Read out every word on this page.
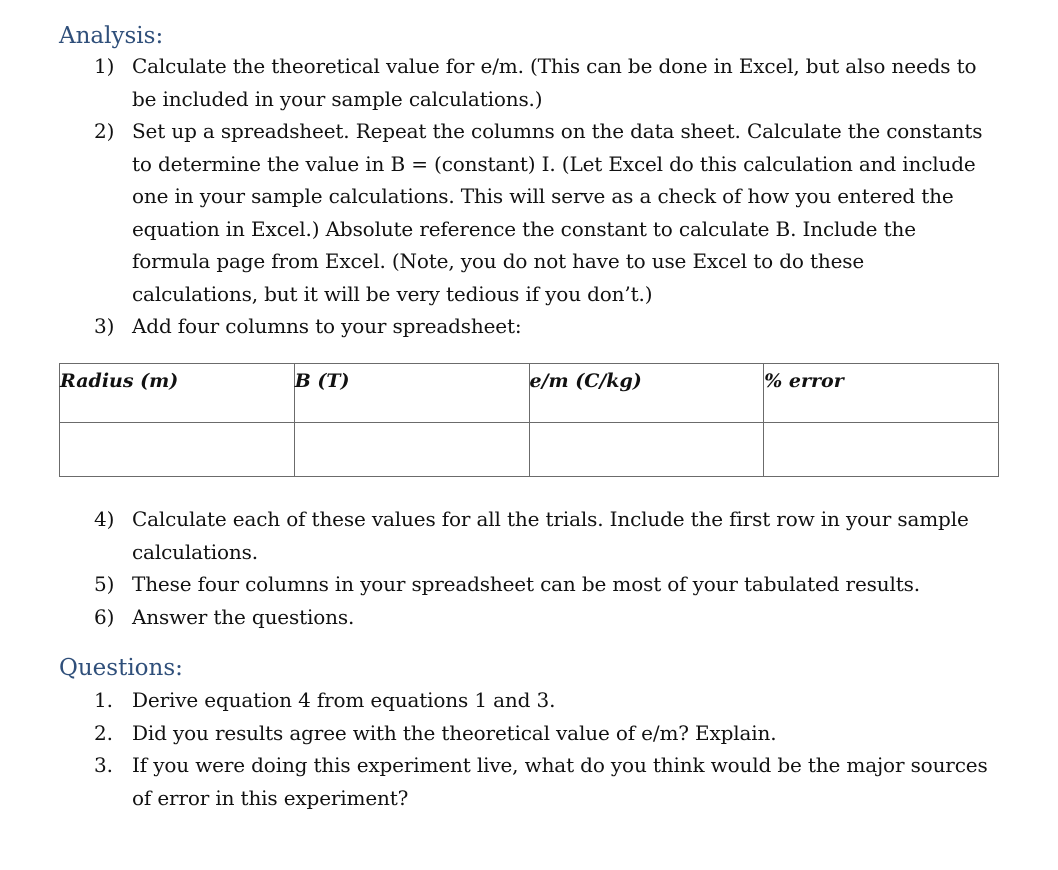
Analysis:
1) Calculate the theoretical value for e/m. (This can be done in Excel, but also needs to be included in your sample calculations.)
2) Set up a spreadsheet. Repeat the columns on the data sheet. Calculate the constants to determine the value in B = (constant) I. (Let Excel do this calculation and include one in your sample calculations. This will serve as a check of how you entered the equation in Excel.) Absolute reference the constant to calculate B. Include the formula page from Excel. (Note, you do not have to use Excel to do these calculations, but it will be very tedious if you don’t.)
3) Add four columns to your spreadsheet:
Radius (m)	B (T)	e/m (C/kg)	% error

4) Calculate each of these values for all the trials. Include the first row in your sample calculations.
5) These four columns in your spreadsheet can be most of your tabulated results.
6) Answer the questions.
Questions:
1. Derive equation 4 from equations 1 and 3.
2. Did you results agree with the theoretical value of e/m? Explain.
3. If you were doing this experiment live, what do you think would be the major sources of error in this experiment?
